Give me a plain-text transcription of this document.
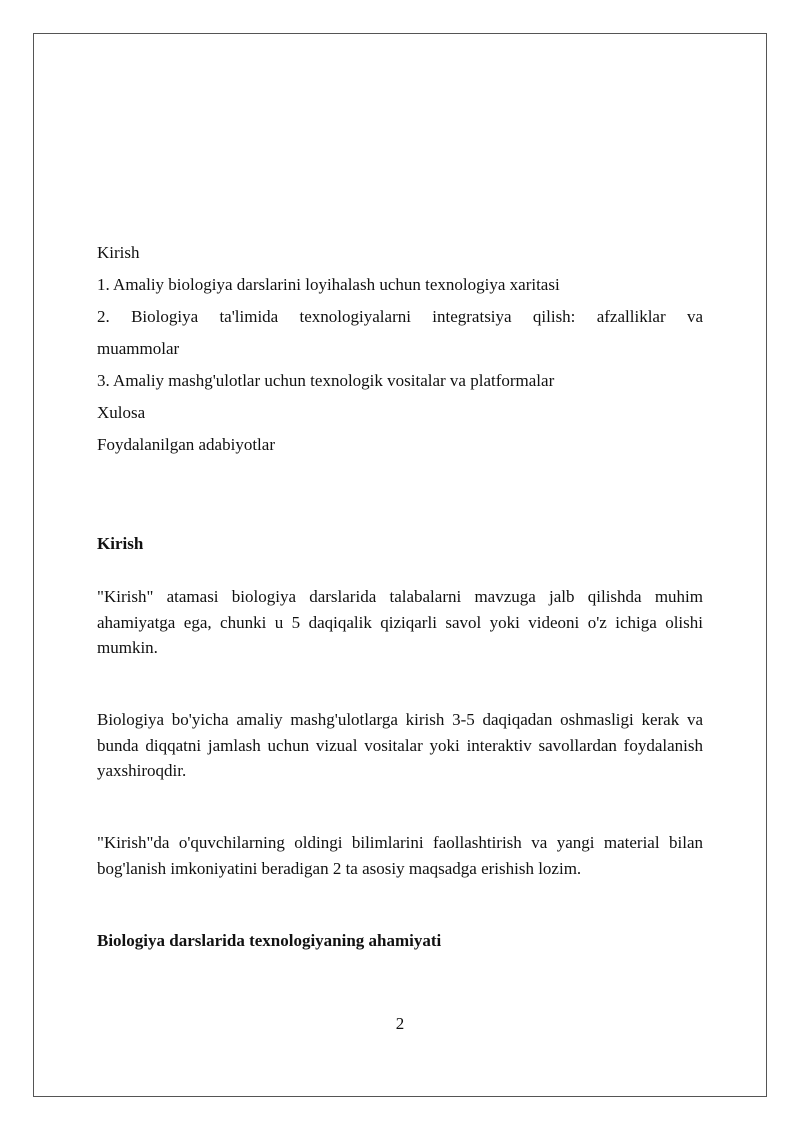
Kirish

1. Amaliy biologiya darslarini loyihalash uchun texnologiya xaritasi

2. Biologiya ta'limida texnologiyalarni integratsiya qilish: afzalliklar va

muammolar

3. Amaliy mashg'ulotlar uchun texnologik vositalar va platformalar

Xulosa

Foydalanilgan adabiyotlar

Kirish

"Kirish" atamasi biologiya darslarida talabalarni mavzuga jalb qilishda muhim ahamiyatga ega, chunki u 5 daqiqalik qiziqarli savol yoki videoni o'z ichiga olishi mumkin.

Biologiya bo'yicha amaliy mashg'ulotlarga kirish 3-5 daqiqadan oshmasligi kerak va bunda diqqatni jamlash uchun vizual vositalar yoki interaktiv savollardan foydalanish yaxshiroqdir.

"Kirish"da o'quvchilarning oldingi bilimlarini faollashtirish va yangi material bilan bog'lanish imkoniyatini beradigan 2 ta asosiy maqsadga erishish lozim.

Biologiya darslarida texnologiyaning ahamiyati
2
